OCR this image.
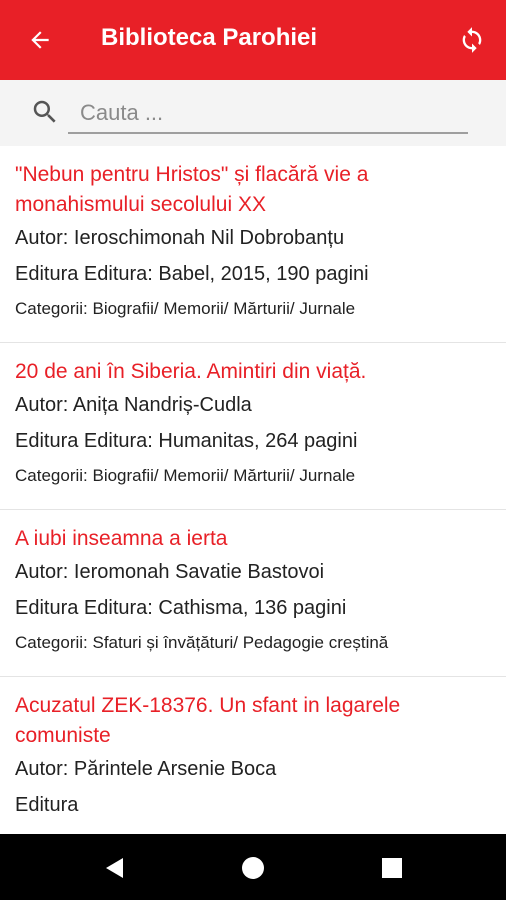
Biblioteca Parohiei
Cauta ...
"Nebun pentru Hristos" și flacără vie a monahismului secolului XX
Autor: Ieroschimonah Nil Dobrobanțu
Editura Editura: Babel, 2015, 190 pagini
Categorii: Biografii/ Memorii/ Mărturii/ Jurnale
20 de ani în Siberia. Amintiri din viață.
Autor: Anița Nandriș-Cudla
Editura Editura: Humanitas, 264 pagini
Categorii: Biografii/ Memorii/ Mărturii/ Jurnale
A iubi inseamna a ierta
Autor: Ieromonah Savatie Bastovoi
Editura Editura: Cathisma, 136 pagini
Categorii: Sfaturi și învățături/ Pedagogie creștină
Acuzatul ZEK-18376. Un sfant in lagarele comuniste
Autor: Părintele Arsenie Boca
Editura
